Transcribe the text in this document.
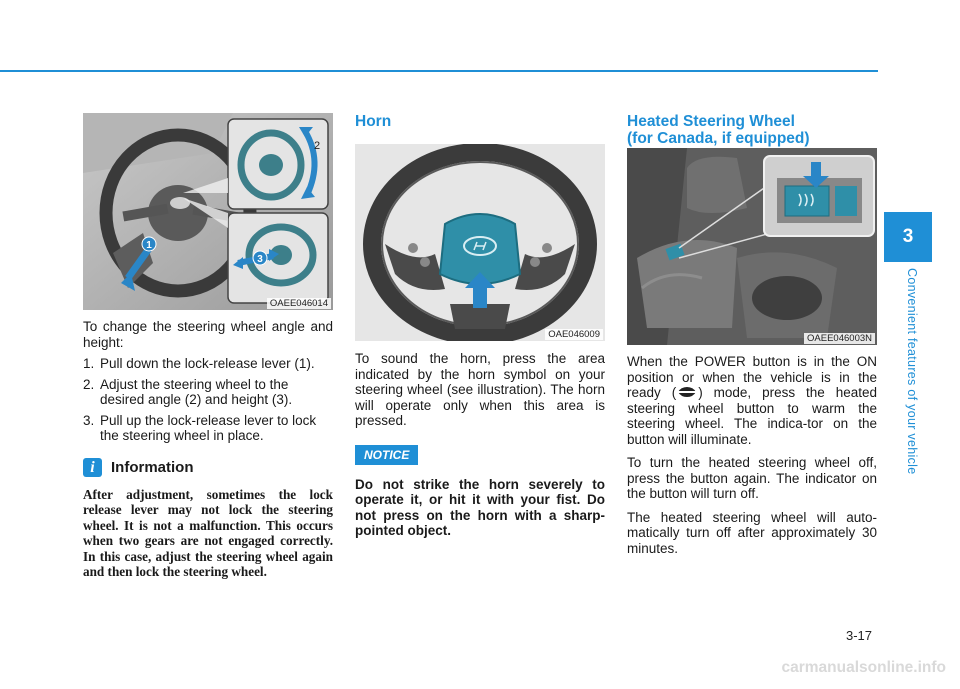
1
2
3
OAEE046014

To change the steering wheel angle and height:

1. Pull down the lock-release lever (1).
2. Adjust the steering wheel to the desired angle (2) and height (3).
3. Pull up the lock-release lever to lock the steering wheel in place.
i	Information
After adjustment, sometimes the lock release lever may not lock the steering wheel. It is not a malfunction. This occurs when two gears are not engaged correctly. In this case, adjust the steering wheel again and then lock the steering wheel.
Horn
OAE046009

To sound the horn, press the area indicated by the horn symbol on your steering wheel (see illustration). The horn will operate only when this area is pressed.

NOTICE
Do not strike the horn severely to operate it, or hit it with your fist. Do not press on the horn with a sharp-pointed object.
Heated Steering Wheel
(for Canada, if equipped)
OAEE046003N

When the POWER button is in the ON position or when the vehicle is in the ready ( ) mode, press the heated steering wheel button to warm the steering wheel. The indica-tor on the button will illuminate.

To turn the heated steering wheel off, press the button again. The indicator on the button will turn off.

The heated steering wheel will auto-matically turn off after approximately 30 minutes.

3
Convenient features of your vehicle
3-17
carmanualsonline.info
